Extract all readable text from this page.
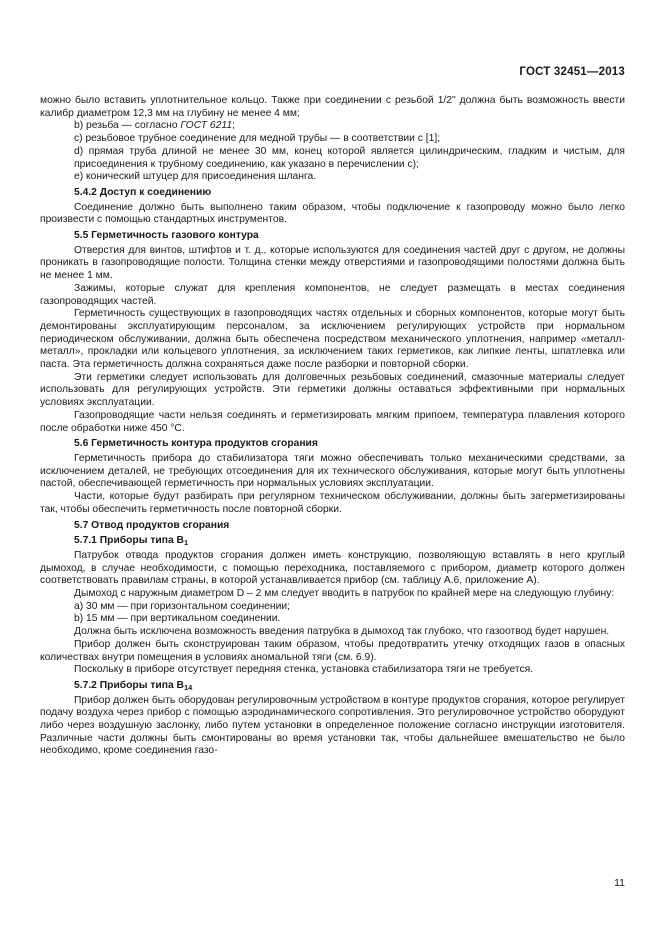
ГОСТ 32451—2013

можно было вставить уплотнительное кольцо. Также при соединении с резьбой 1/2" должна быть возможность ввести калибр диаметром 12,3 мм на глубину не менее 4 мм;

b) резьба — согласно ГОСТ 6211;

c) резьбовое трубное соединение для медной трубы — в соответствии с [1];

d) прямая труба длиной не менее 30 мм, конец которой является цилиндрическим, гладким и чистым, для присоединения к трубному соединению, как указано в перечислении c);

e) конический штуцер для присоединения шланга.

5.4.2 Доступ к соединению

Соединение должно быть выполнено таким образом, чтобы подключение к газопроводу можно было легко произвести с помощью стандартных инструментов.

5.5 Герметичность газового контура

Отверстия для винтов, штифтов и т. д., которые используются для соединения частей друг с другом, не должны проникать в газопроводящие полости. Толщина стенки между отверстиями и газопроводящими полостями должна быть не менее 1 мм.

Зажимы, которые служат для крепления компонентов, не следует размещать в местах соединения газопроводящих частей.

Герметичность существующих в газопроводящих частях отдельных и сборных компонентов, которые могут быть демонтированы эксплуатирующим персоналом, за исключением регулирующих устройств при нормальном периодическом обслуживании, должна быть обеспечена посредством механического уплотнения, например «металл-металл», прокладки или кольцевого уплотнения, за исключением таких герметиков, как липкие ленты, шпатлевка или паста. Эта герметичность должна сохраняться даже после разборки и повторной сборки.

Эти герметики следует использовать для долговечных резьбовых соединений, смазочные материалы следует использовать для регулирующих устройств. Эти герметики должны оставаться эффективными при нормальных условиях эксплуатации.

Газопроводящие части нельзя соединять и герметизировать мягким припоем, температура плавления которого после обработки ниже 450 °С.

5.6 Герметичность контура продуктов сгорания

Герметичность прибора до стабилизатора тяги можно обеспечивать только механическими средствами, за исключением деталей, не требующих отсоединения для их технического обслуживания, которые могут быть уплотнены пастой, обеспечивающей герметичность при нормальных условиях эксплуатации.

Части, которые будут разбирать при регулярном техническом обслуживании, должны быть загерметизированы так, чтобы обеспечить герметичность после повторной сборки.

5.7 Отвод продуктов сгорания

5.7.1 Приборы типа $B_1$

Патрубок отвода продуктов сгорания должен иметь конструкцию, позволяющую вставлять в него круглый дымоход, в случае необходимости, с помощью переходника, поставляемого с прибором, диаметр которого должен соответствовать правилам страны, в которой устанавливается прибор (см. таблицу А.6, приложение А).

Дымоход с наружным диаметром D – 2 мм следует вводить в патрубок по крайней мере на следующую глубину:

a) 30 мм — при горизонтальном соединении;

b) 15 мм — при вертикальном соединении.

Должна быть исключена возможность введения патрубка в дымоход так глубоко, что газоотвод будет нарушен.

Прибор должен быть сконструирован таким образом, чтобы предотвратить утечку отходящих газов в опасных количествах внутри помещения в условиях аномальной тяги (см. 6.9).

Поскольку в приборе отсутствует передняя стенка, установка стабилизатора тяги не требуется.

5.7.2 Приборы типа $B_{14}$

Прибор должен быть оборудован регулировочным устройством в контуре продуктов сгорания, которое регулирует подачу воздуха через прибор с помощью аэродинамического сопротивления. Это регулировочное устройство оборудуют либо через воздушную заслонку, либо путем установки в определенное положение согласно инструкции изготовителя. Различные части должны быть смонтированы во время установки так, чтобы дальнейшее вмешательство не было необходимо, кроме соединения газо-

11
